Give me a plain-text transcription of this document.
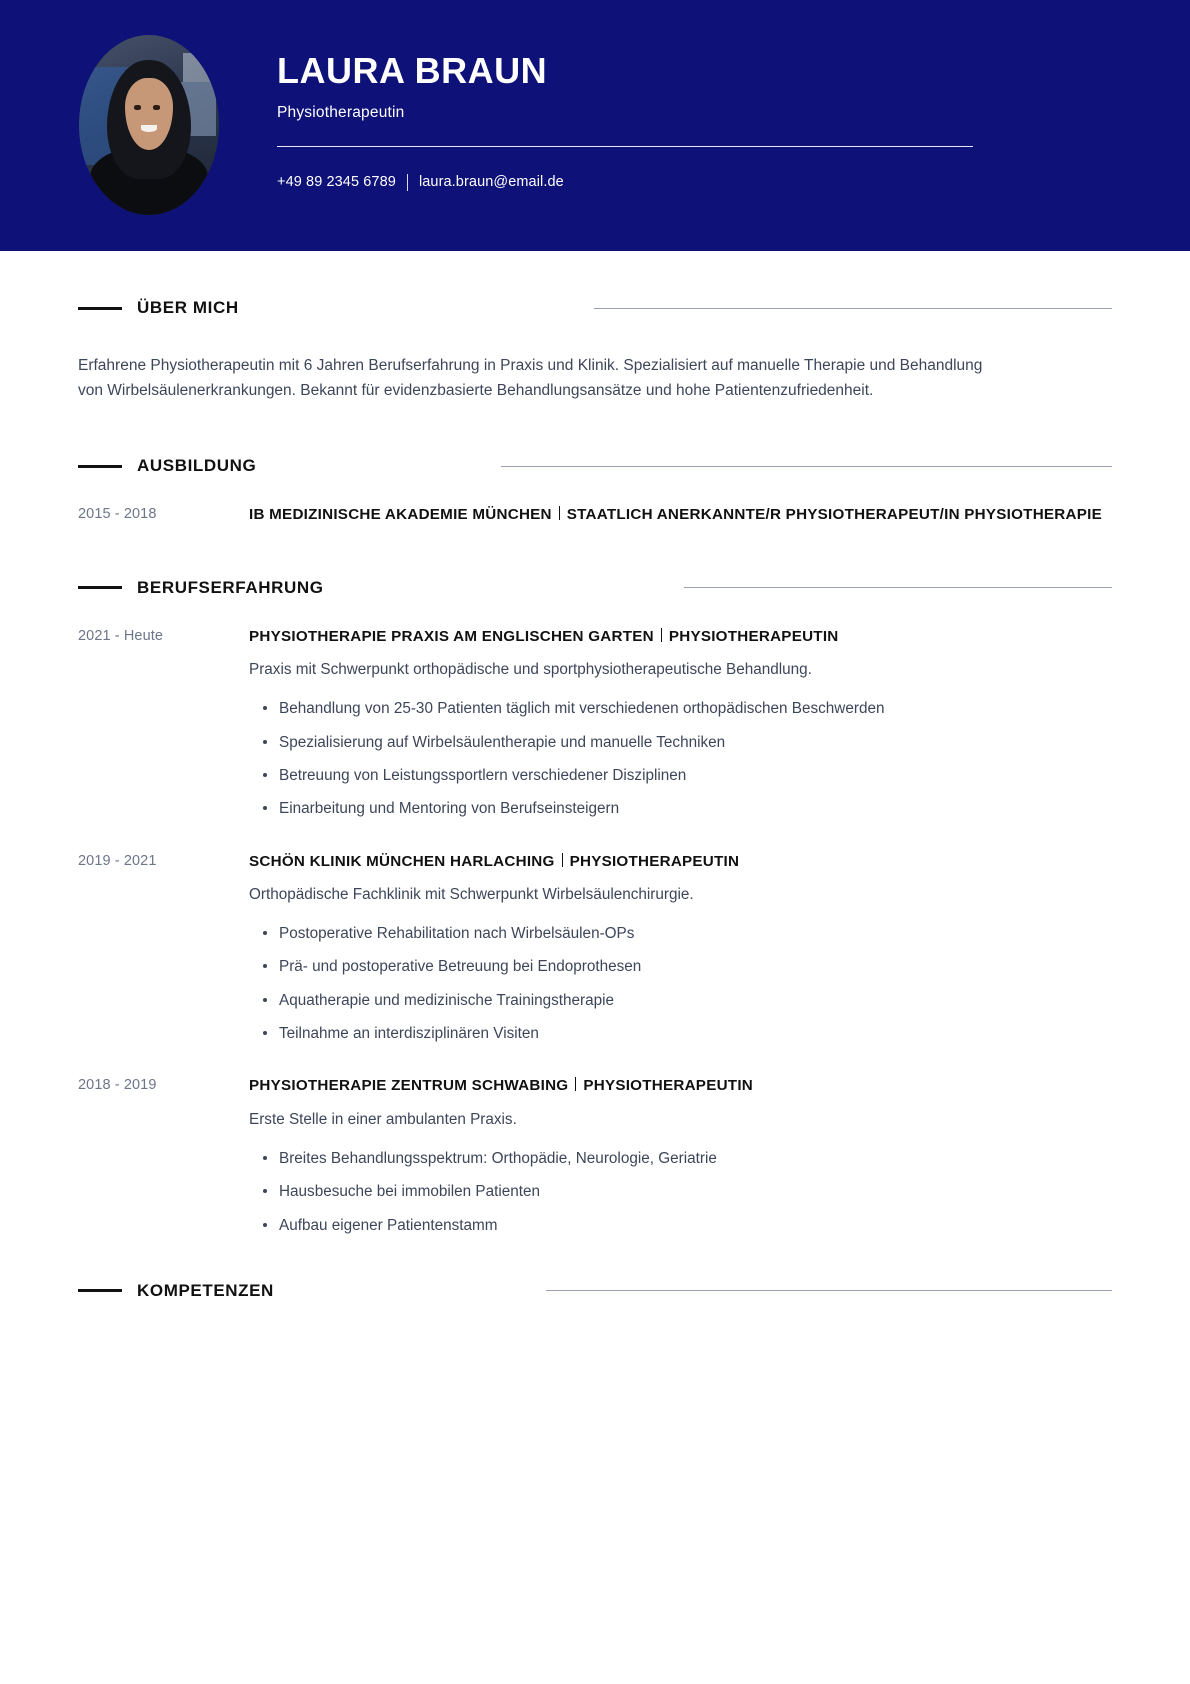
LAURA BRAUN

Physiotherapeutin

+49 89 2345 6789 laura.braun@email.de
ÜBER MICH

Erfahrene Physiotherapeutin mit 6 Jahren Berufserfahrung in Praxis und Klinik. Spezialisiert auf manuelle Therapie und Behandlung von Wirbelsäulenerkrankungen. Bekannt für evidenzbasierte Behandlungsansätze und hohe Patientenzufriedenheit.

AUSBILDUNG
2015 - 2018	IB MEDIZINISCHE AKADEMIE MÜNCHEN STAATLICH ANERKANNTE/R PHYSIOTHERAPEUT/IN PHYSIOTHERAPIE
BERUFSERFAHRUNG
2021 - Heute	PHYSIOTHERAPIE PRAXIS AM ENGLISCHEN GARTEN PHYSIOTHERAPEUTIN
Praxis mit Schwerpunkt orthopädische und sportphysiotherapeutische Behandlung.
Behandlung von 25-30 Patienten täglich mit verschiedenen orthopädischen Beschwerden
Spezialisierung auf Wirbelsäulentherapie und manuelle Techniken
Betreuung von Leistungssportlern verschiedener Disziplinen
Einarbeitung und Mentoring von Berufseinsteigern
2019 - 2021	SCHÖN KLINIK MÜNCHEN HARLACHING PHYSIOTHERAPEUTIN
Orthopädische Fachklinik mit Schwerpunkt Wirbelsäulenchirurgie.
Postoperative Rehabilitation nach Wirbelsäulen-OPs
Prä- und postoperative Betreuung bei Endoprothesen
Aquatherapie und medizinische Trainingstherapie
Teilnahme an interdisziplinären Visiten
2018 - 2019	PHYSIOTHERAPIE ZENTRUM SCHWABING PHYSIOTHERAPEUTIN
Erste Stelle in einer ambulanten Praxis.
Breites Behandlungsspektrum: Orthopädie, Neurologie, Geriatrie
Hausbesuche bei immobilen Patienten
Aufbau eigener Patientenstamm
KOMPETENZEN
